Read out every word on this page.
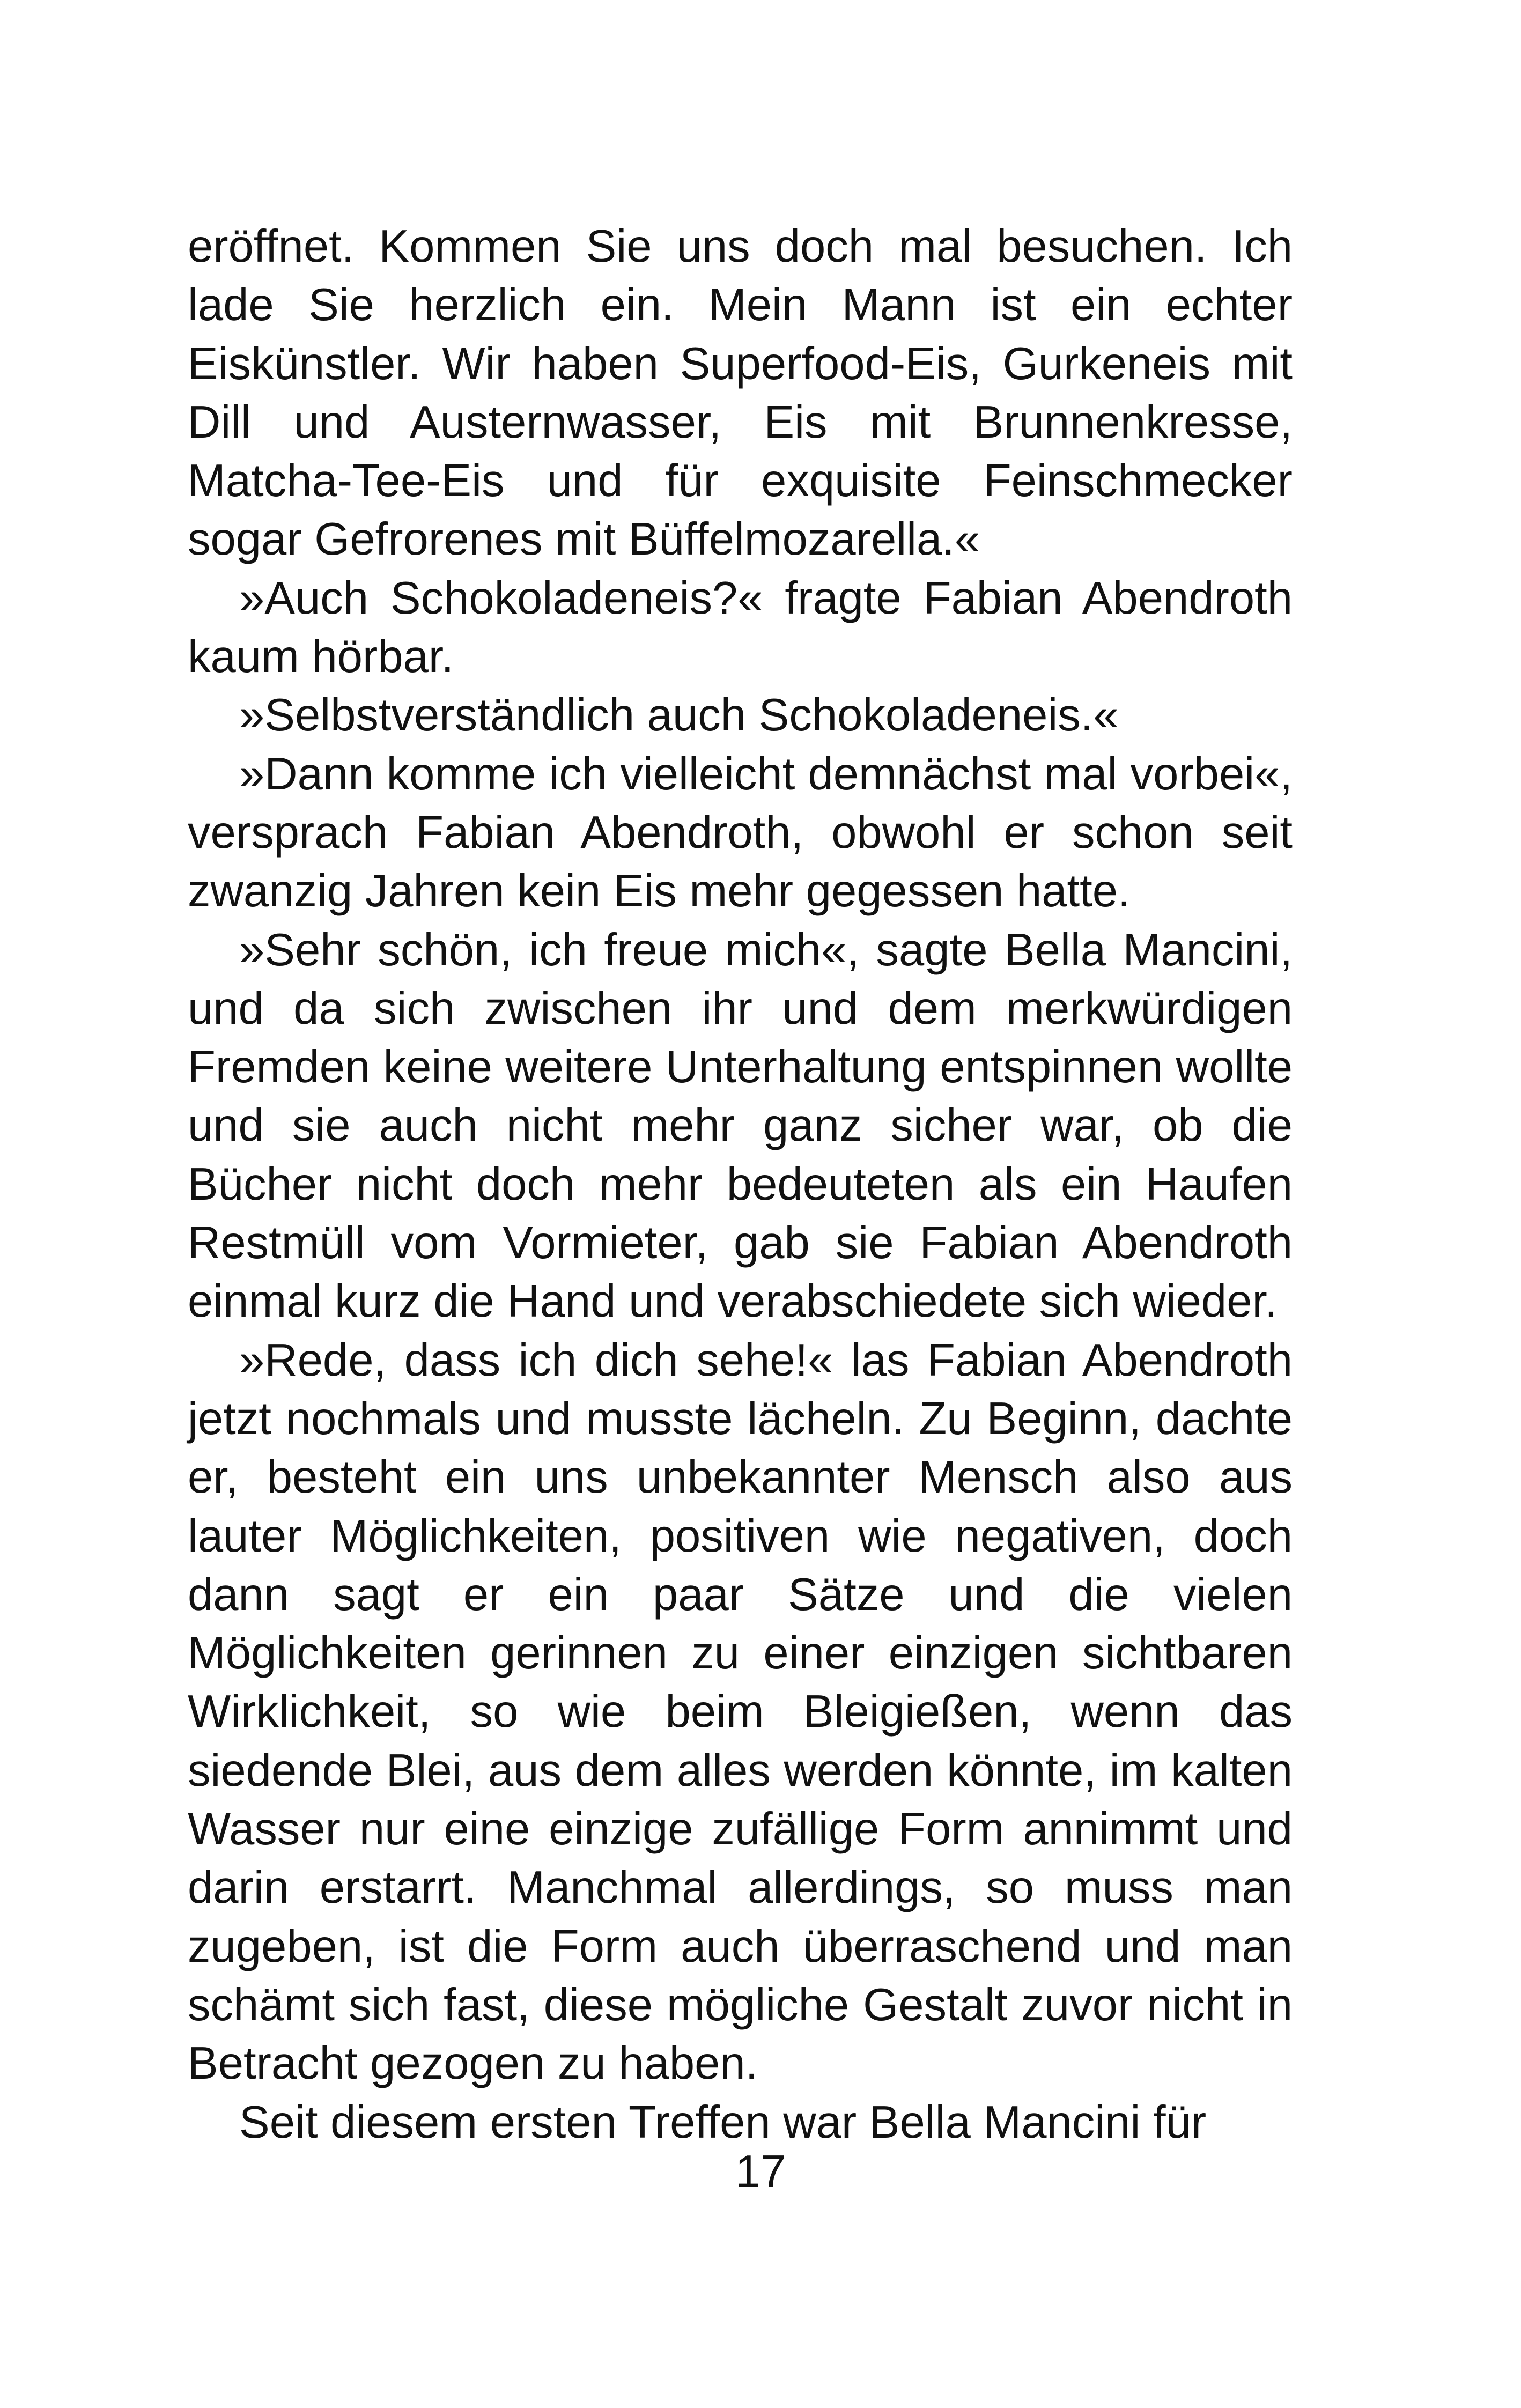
eröffnet. Kommen Sie uns doch mal besuchen. Ich lade Sie herzlich ein. Mein Mann ist ein echter Eiskünstler. Wir haben Superfood-Eis, Gurkeneis mit Dill und Austernwasser, Eis mit Brunnenkresse, Matcha-Tee-Eis und für exquisite Feinschmecker sogar Gefrorenes mit Büffelmozarella.«

»Auch Schokoladeneis?« fragte Fabian Abendroth kaum hörbar.

»Selbstverständlich auch Schokoladeneis.«

»Dann komme ich vielleicht demnächst mal vorbei«, versprach Fabian Abendroth, obwohl er schon seit zwanzig Jahren kein Eis mehr gegessen hatte.

»Sehr schön, ich freue mich«, sagte Bella Mancini, und da sich zwischen ihr und dem merkwürdigen Fremden keine weitere Unterhaltung entspinnen wollte und sie auch nicht mehr ganz sicher war, ob die Bücher nicht doch mehr bedeuteten als ein Haufen Restmüll vom Vormieter, gab sie Fabian Abendroth einmal kurz die Hand und verabschiedete sich wieder.

»Rede, dass ich dich sehe!« las Fabian Abendroth jetzt nochmals und musste lächeln. Zu Beginn, dachte er, besteht ein uns unbekannter Mensch also aus lauter Möglichkeiten, positiven wie negativen, doch dann sagt er ein paar Sätze und die vielen Möglichkeiten gerinnen zu einer einzigen sichtbaren Wirklichkeit, so wie beim Bleigießen, wenn das siedende Blei, aus dem alles werden könnte, im kalten Wasser nur eine einzige zufällige Form annimmt und darin erstarrt. Manchmal allerdings, so muss man zugeben, ist die Form auch überraschend und man schämt sich fast, diese mögliche Gestalt zuvor nicht in Betracht gezogen zu haben.

Seit diesem ersten Treffen war Bella Mancini für

17
